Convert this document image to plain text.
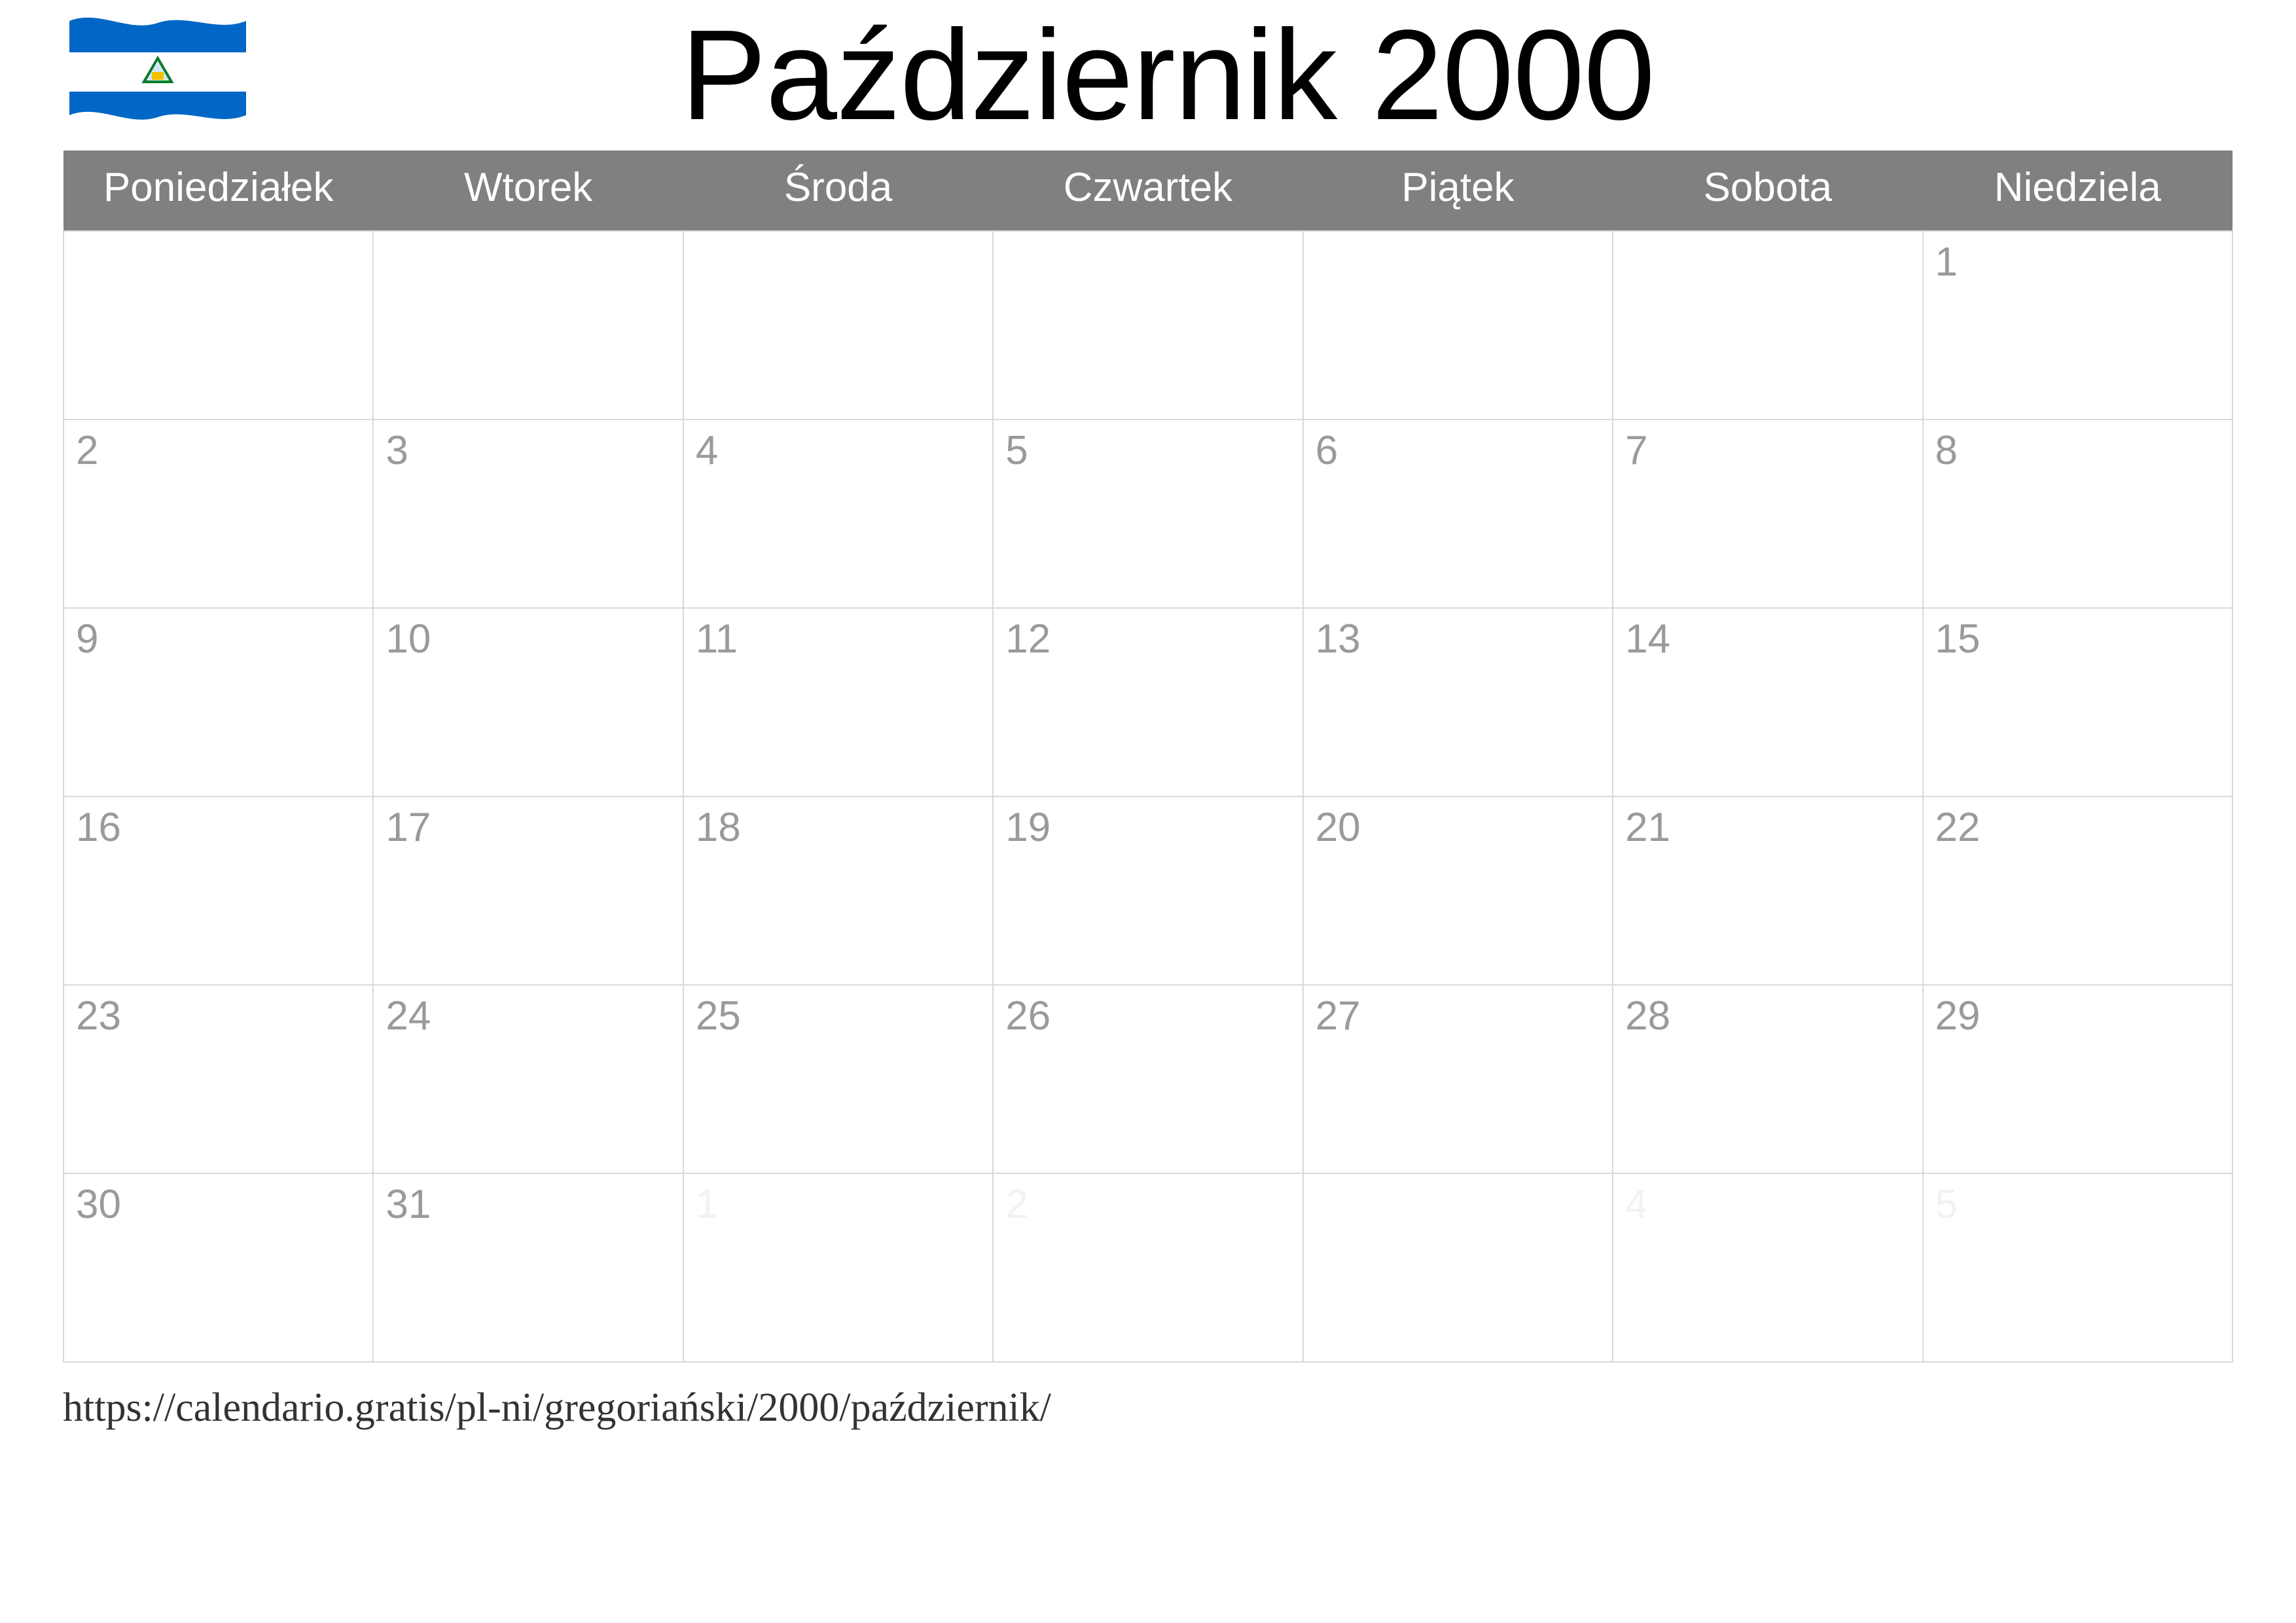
Październik 2000
Poniedziałek	Wtorek	Środa	Czwartek	Piątek	Sobota	Niedziela

						1

2	3	4	5	6	7	8

9	10	11	12	13	14	15

16	17	18	19	20	21	22

23	24	25	26	27	28	29

30	31	1	2		4	5
https://calendario.gratis/pl-ni/gregoriański/2000/październik/
